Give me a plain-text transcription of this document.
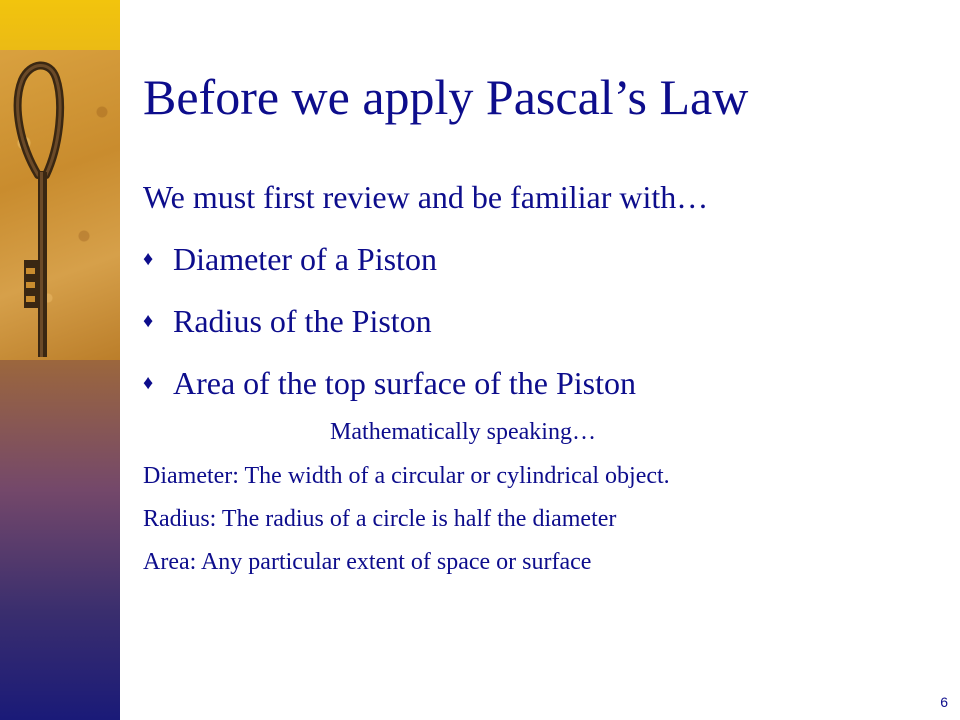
Before we apply Pascal’s Law
We must first review and be familiar with…
♦ Diameter of a Piston
♦ Radius of the Piston
♦ Area of the top surface of the Piston
Mathematically speaking…
Diameter: The width of a circular or cylindrical object.
Radius: The radius of a circle is half the diameter
Area: Any particular extent of space or surface
6
